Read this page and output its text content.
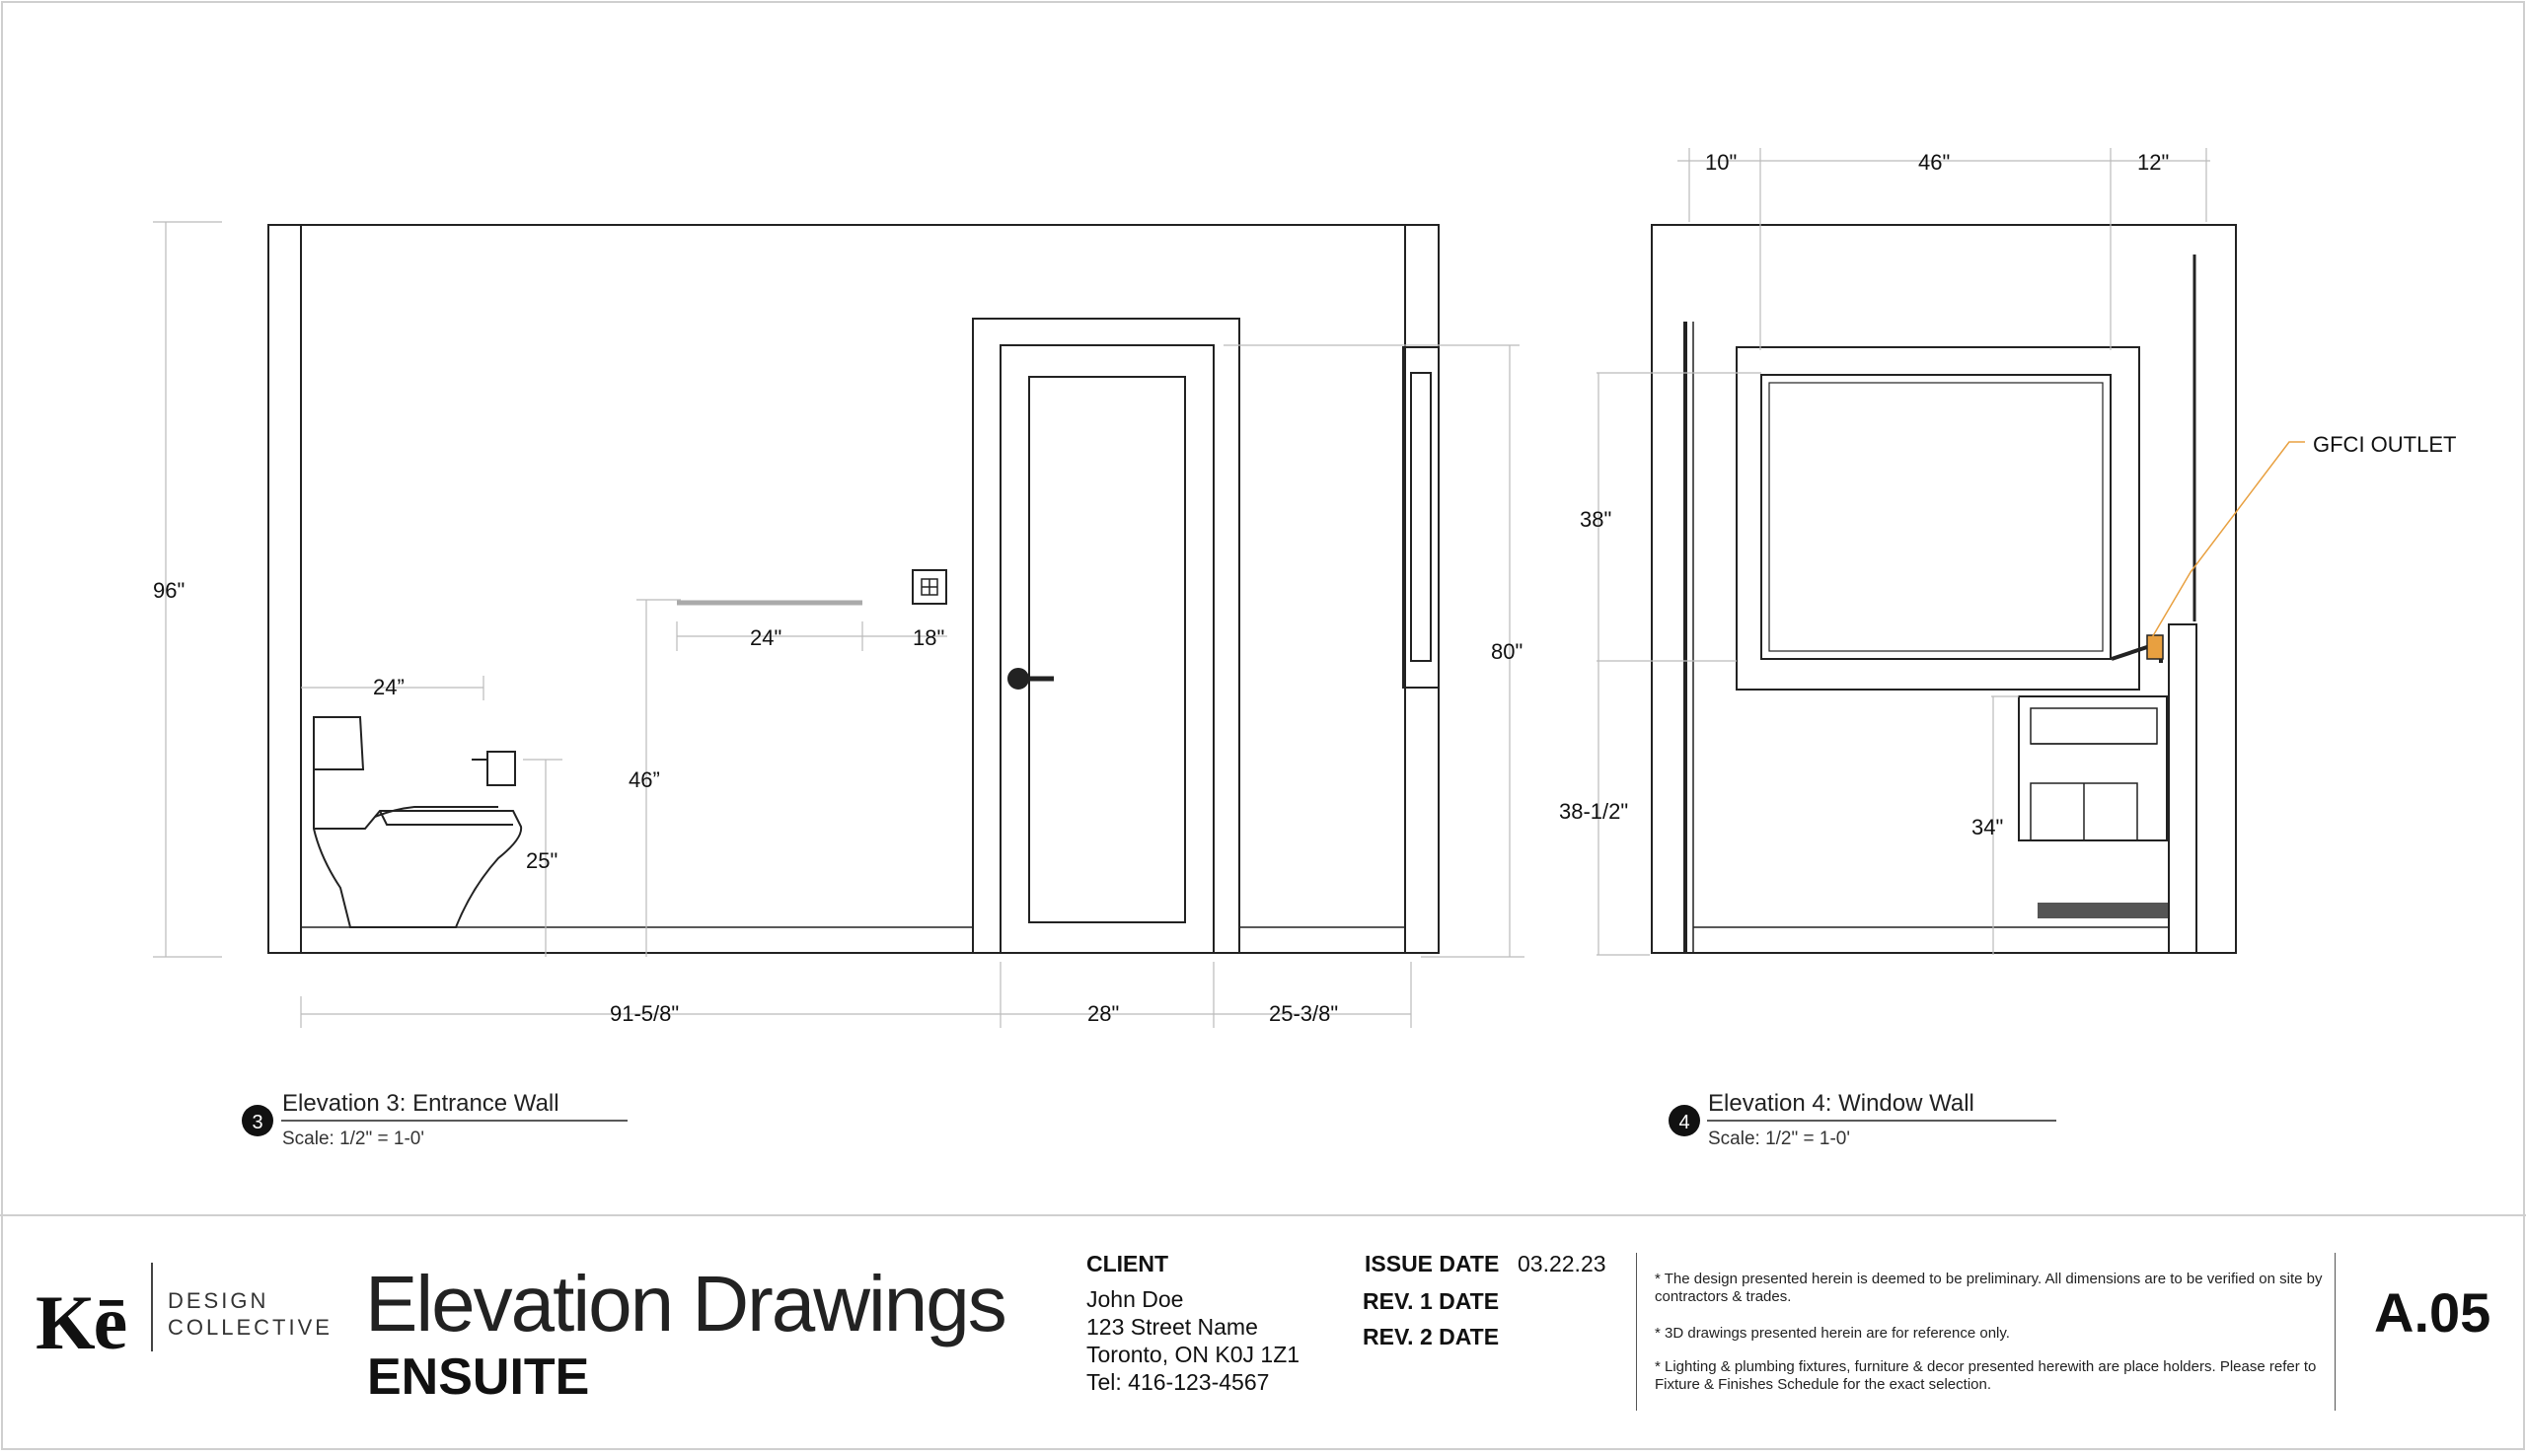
96"
24”
24"	18"
46”
25"
80"
91-5/8"	28"	25-3/8"
3
Elevation 3: Entrance Wall
Scale: 1/2" = 1-0'
GFCI OUTLET
10"	46"	12"
38"
38-1/2"
34"
4
Elevation 4: Window Wall
Scale: 1/2" = 1-0'
Kē DESIGN
COLLECTIVE Elevation Drawings
ENSUITE
CLIENT
John Doe
123 Street Name
Toronto, ON K0J 1Z1
Tel: 416-123-4567
ISSUE DATE 03.22.23
REV. 1 DATE
REV. 2 DATE
* The design presented herein is deemed to be preliminary. All dimensions are to be verified on site by contractors & trades.
* 3D drawings presented herein are for reference only.
* Lighting & plumbing fixtures, furniture & decor presented herewith are place holders. Please refer to Fixture & Finishes Schedule for the exact selection.
A.05
